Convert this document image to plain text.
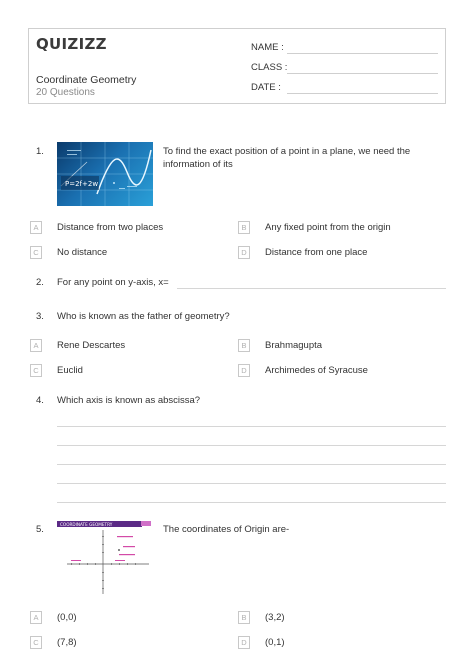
QUIZIZZ
Coordinate Geometry
20 Questions
NAME :
CLASS :
DATE :
1.
P=2f+2w
To find the exact position of a point in a plane, we need the
information of its
A	Distance from two places	B	Any fixed point from the origin
C	No distance	D	Distance from one place
2. For any point on y-axis, x=
3. Who is known as the father of geometry?
A	Rene Descartes	B	Brahmagupta
C	Euclid	D	Archimedes of Syracuse
4. Which axis is known as abscissa?
5.	COORDINATE GEOMETRY	The coordinates of Origin are-
A	(0,0)	B	(3,2)
C	(7,8)	D	(0,1)
